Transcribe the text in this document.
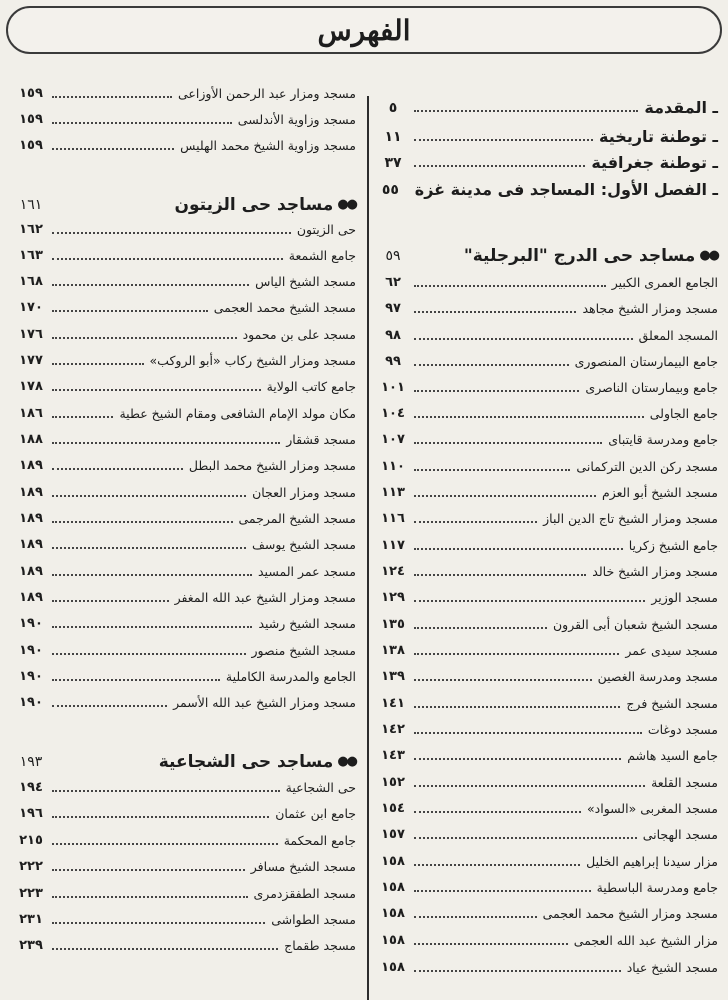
الفهرس
ـ المقدمة
٥
ـ توطنة تاريخية
١١
ـ توطنة جغرافية
٣٧
ـ الفصل الأول: المساجد فى مدينة غزة
٥٥
●●
مساجد حى الدرج "البرجلية"
٥٩
الجامع العمرى الكبير
٦٢
مسجد ومزار الشيخ مجاهد
٩٧
المسجد المعلق
٩٨
جامع البيمارستان المنصورى
٩٩
جامع وبيمارستان الناصرى
١٠١
جامع الجاولى
١٠٤
جامع ومدرسة قايتباى
١٠٧
مسجد ركن الدين التركمانى
١١٠
مسجد الشيخ أبو العزم
١١٣
مسجد ومزار الشيخ تاج الدين الباز
١١٦
جامع الشيخ زكريا
١١٧
مسجد ومزار الشيخ خالد
١٢٤
مسجد الوزير
١٢٩
مسجد الشيخ شعبان أبى القرون
١٣٥
مسجد سيدى عمر
١٣٨
مسجد ومدرسة الغصين
١٣٩
مسجد الشيخ فرج
١٤١
مسجد دوغات
١٤٢
جامع السيد هاشم
١٤٣
مسجد القلعة
١٥٢
مسجد المغربى «السواد»
١٥٤
مسجد الهجانى
١٥٧
مزار سيدنا إبراهيم الخليل
١٥٨
جامع ومدرسة الباسطية
١٥٨
مسجد ومزار الشيخ محمد العجمى
١٥٨
مزار الشيخ عبد الله العجمى
١٥٨
مسجد الشيخ عياد
١٥٨
مسجد ومزار عبد الرحمن الأوزاعى
١٥٩
مسجد وزاوية الأندلسى
١٥٩
مسجد وزاوية الشيخ محمد الهليس
١٥٩
●●
مساجد حى الزيتون
١٦١
حى الزيتون
١٦٢
جامع الشمعة
١٦٣
مسجد الشيخ الياس
١٦٨
مسجد الشيخ محمد العجمى
١٧٠
مسجد على بن محمود
١٧٦
مسجد ومزار الشيخ ركاب «أبو الروكب»
١٧٧
جامع كاتب الولاية
١٧٨
مكان مولد الإمام الشافعى ومقام الشيخ عطية
١٨٦
مسجد قشقار
١٨٨
مسجد ومزار الشيخ محمد البطل
١٨٩
مسجد ومزار العجان
١٨٩
مسجد الشيخ المرجمى
١٨٩
مسجد الشيخ يوسف
١٨٩
مسجد عمر المسيد
١٨٩
مسجد ومزار الشيخ عبد الله المغفر
١٨٩
مسجد الشيخ رشيد
١٩٠
مسجد الشيخ منصور
١٩٠
الجامع والمدرسة الكاملية
١٩٠
مسجد ومزار الشيخ عبد الله الأسمر
١٩٠
●●
مساجد حى الشجاعية
١٩٣
حى الشجاعية
١٩٤
جامع ابن عثمان
١٩٦
جامع المحكمة
٢١٥
مسجد الشيخ مسافر
٢٢٢
مسجد الطفقزدمرى
٢٢٣
مسجد الطواشى
٢٣١
مسجد طقماج
٢٣٩
